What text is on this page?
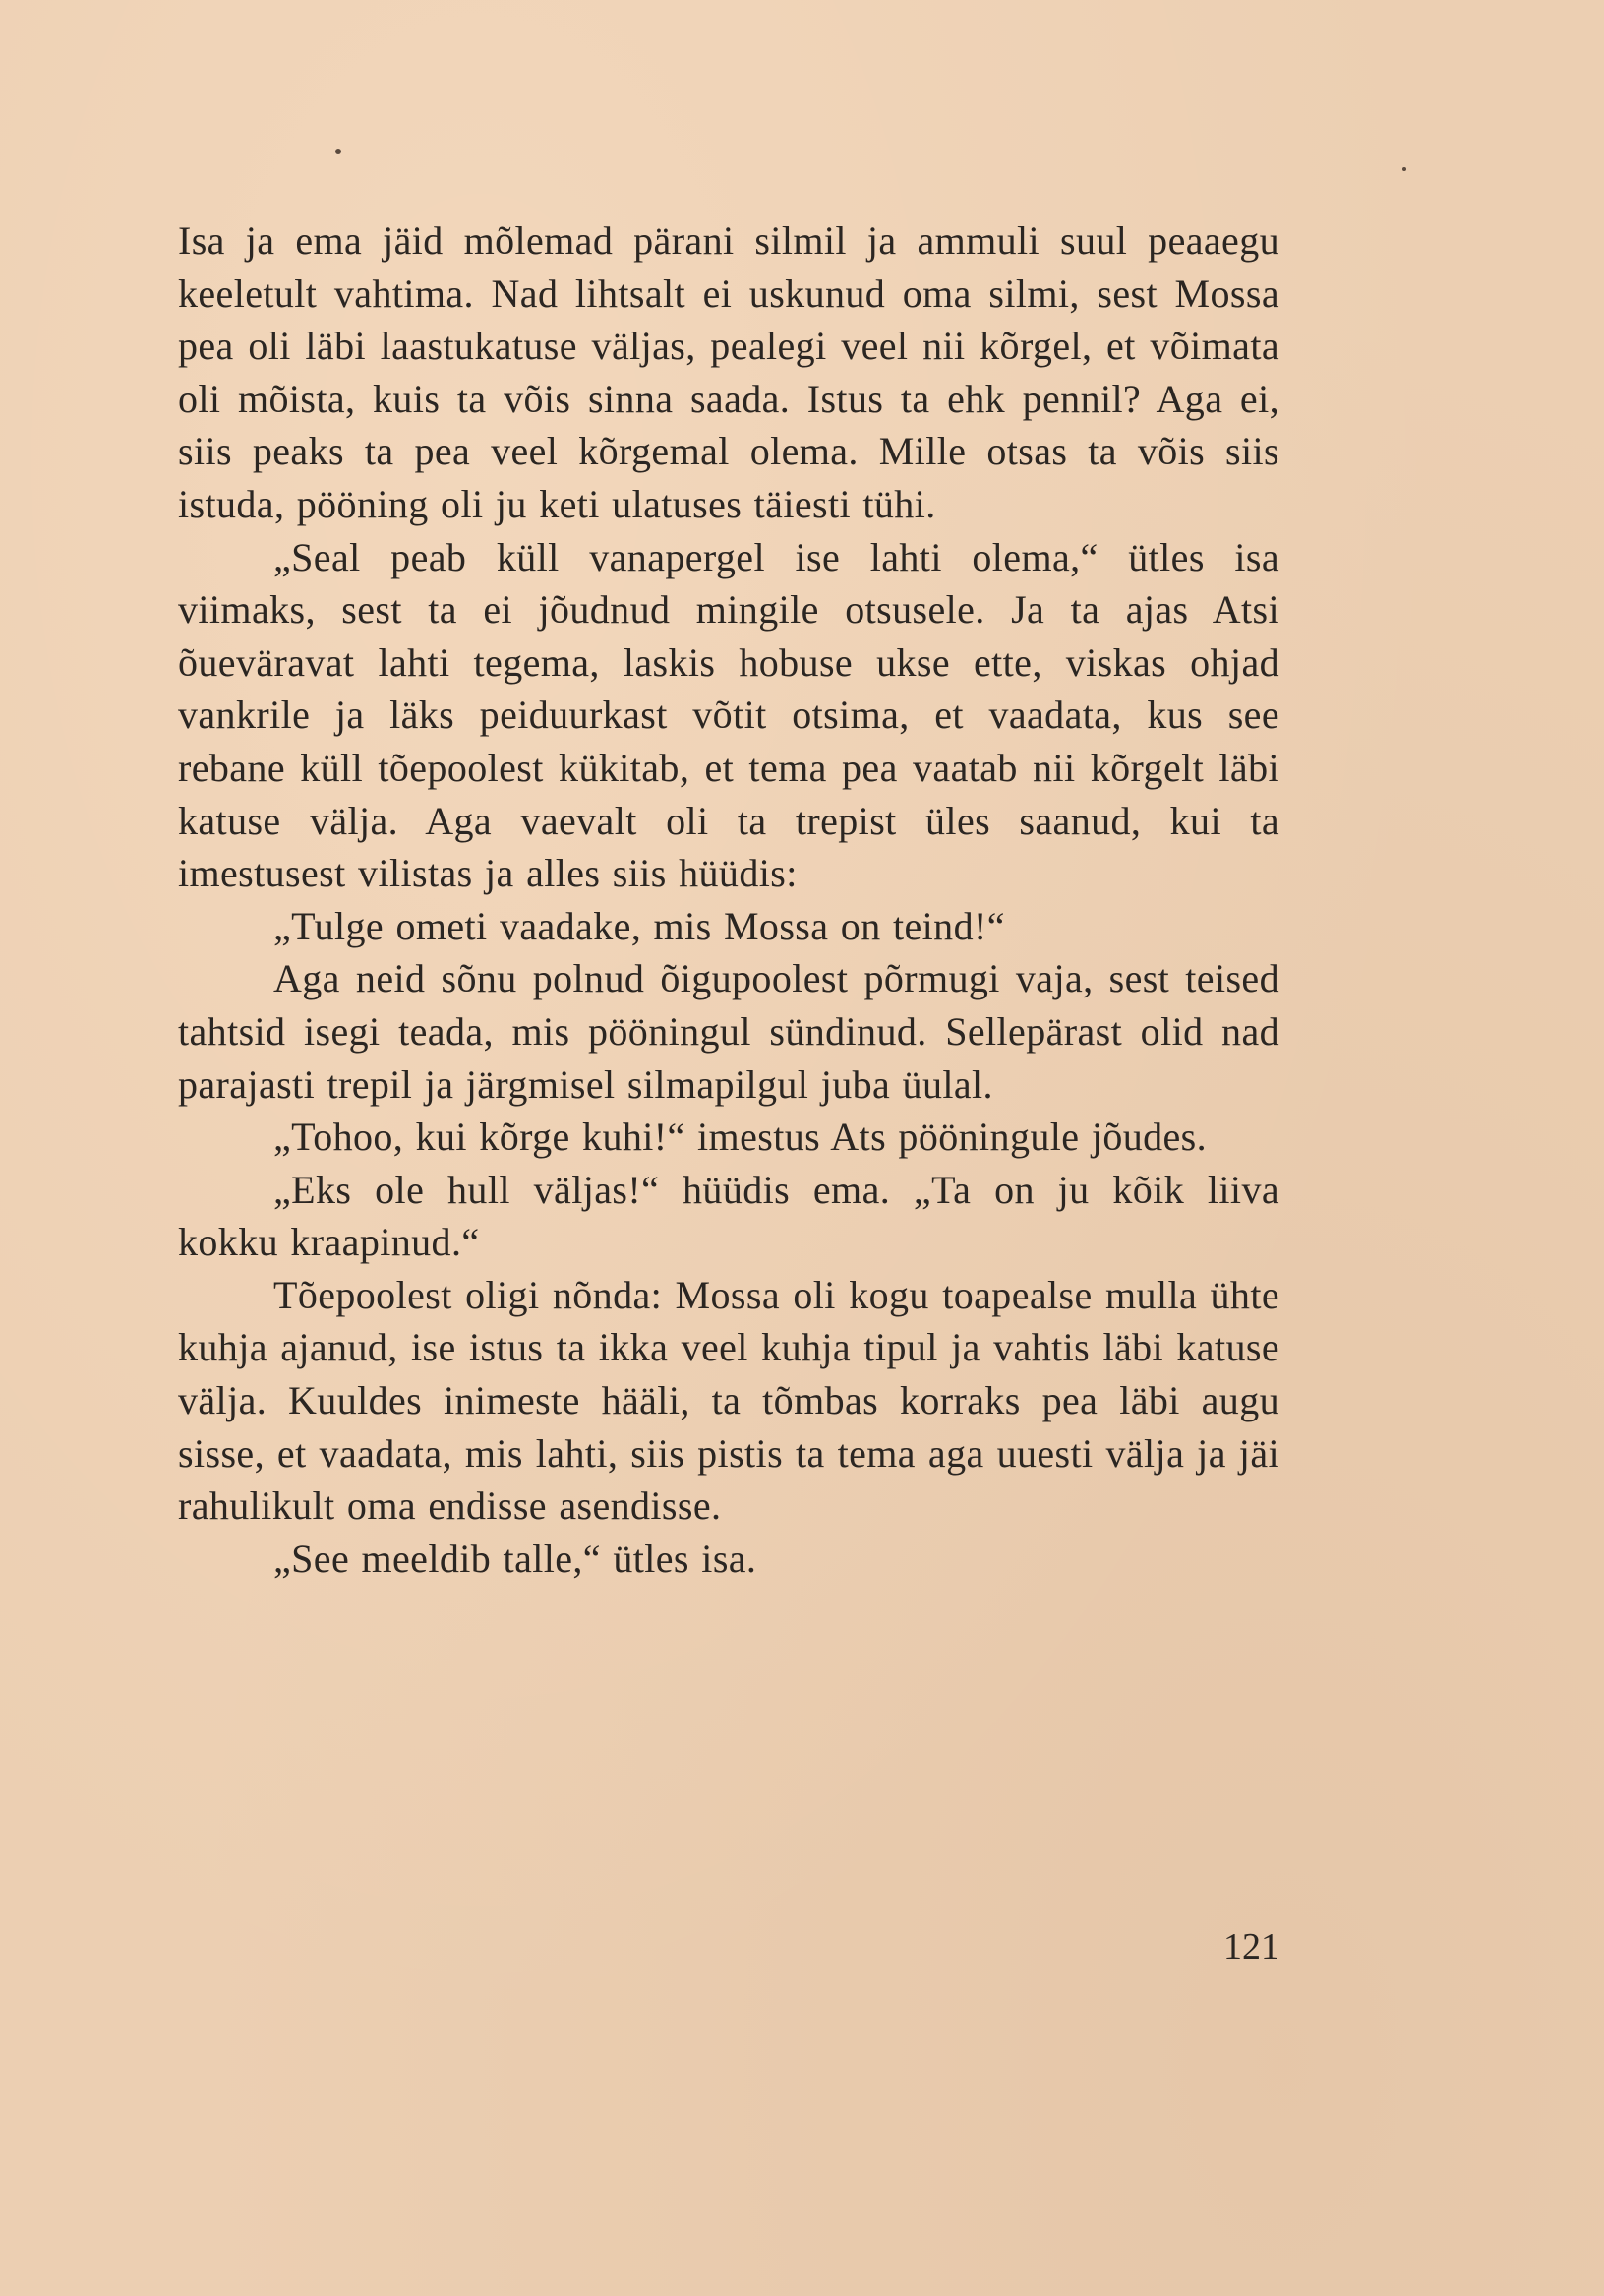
Isa ja ema jäid mõlemad pärani silmil ja ammuli suul peaaegu keeletult vahtima. Nad lihtsalt ei uskunud oma silmi, sest Mossa pea oli läbi laastukatuse väljas, pealegi veel nii kõrgel, et võimata oli mõista, kuis ta võis sinna saada. Istus ta ehk pennil? Aga ei, siis peaks ta pea veel kõrgemal olema. Mille otsas ta võis siis istuda, pööning oli ju keti ulatuses täiesti tühi.

„Seal peab küll vanapergel ise lahti olema,“ ütles isa viimaks, sest ta ei jõudnud mingile otsusele. Ja ta ajas Atsi õueväravat lahti tegema, laskis hobuse ukse ette, viskas ohjad vankrile ja läks peiduurkast võtit otsima, et vaadata, kus see rebane küll tõepoolest kükitab, et tema pea vaatab nii kõrgelt läbi katuse välja. Aga vaevalt oli ta trepist üles saanud, kui ta imestusest vilistas ja alles siis hüüdis:

„Tulge ometi vaadake, mis Mossa on teind!“

Aga neid sõnu polnud õigupoolest põrmugi vaja, sest teised tahtsid isegi teada, mis pööningul sündinud. Sellepärast olid nad parajasti trepil ja järgmisel silmapilgul juba üulal.

„Tohoo, kui kõrge kuhi!“ imestus Ats pööningule jõudes.

„Eks ole hull väljas!“ hüüdis ema. „Ta on ju kõik liiva kokku kraapinud.“

Tõepoolest oligi nõnda: Mossa oli kogu toapealse mulla ühte kuhja ajanud, ise istus ta ikka veel kuhja tipul ja vahtis läbi katuse välja. Kuuldes inimeste hääli, ta tõmbas korraks pea läbi augu sisse, et vaadata, mis lahti, siis pistis ta tema aga uuesti välja ja jäi rahulikult oma endisse asendisse.

„See meeldib talle,“ ütles isa.

121
